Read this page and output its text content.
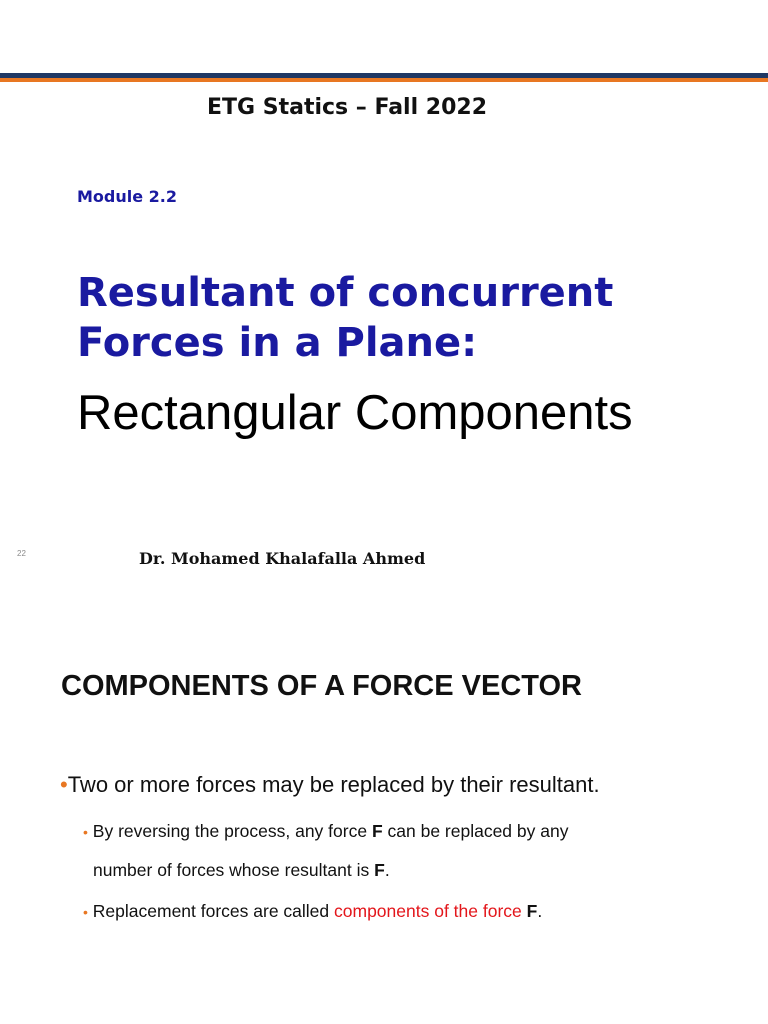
ETG Statics – Fall 2022
Module 2.2
Resultant of concurrent
Forces in a Plane:
Rectangular Components
22	Dr. Mohamed Khalafalla Ahmed
COMPONENTS OF A FORCE VECTOR
•Two or more forces may be replaced by their resultant.
• By reversing the process, any force F can be replaced by any
number of forces whose resultant is F.
• Replacement forces are called components of the force F.
